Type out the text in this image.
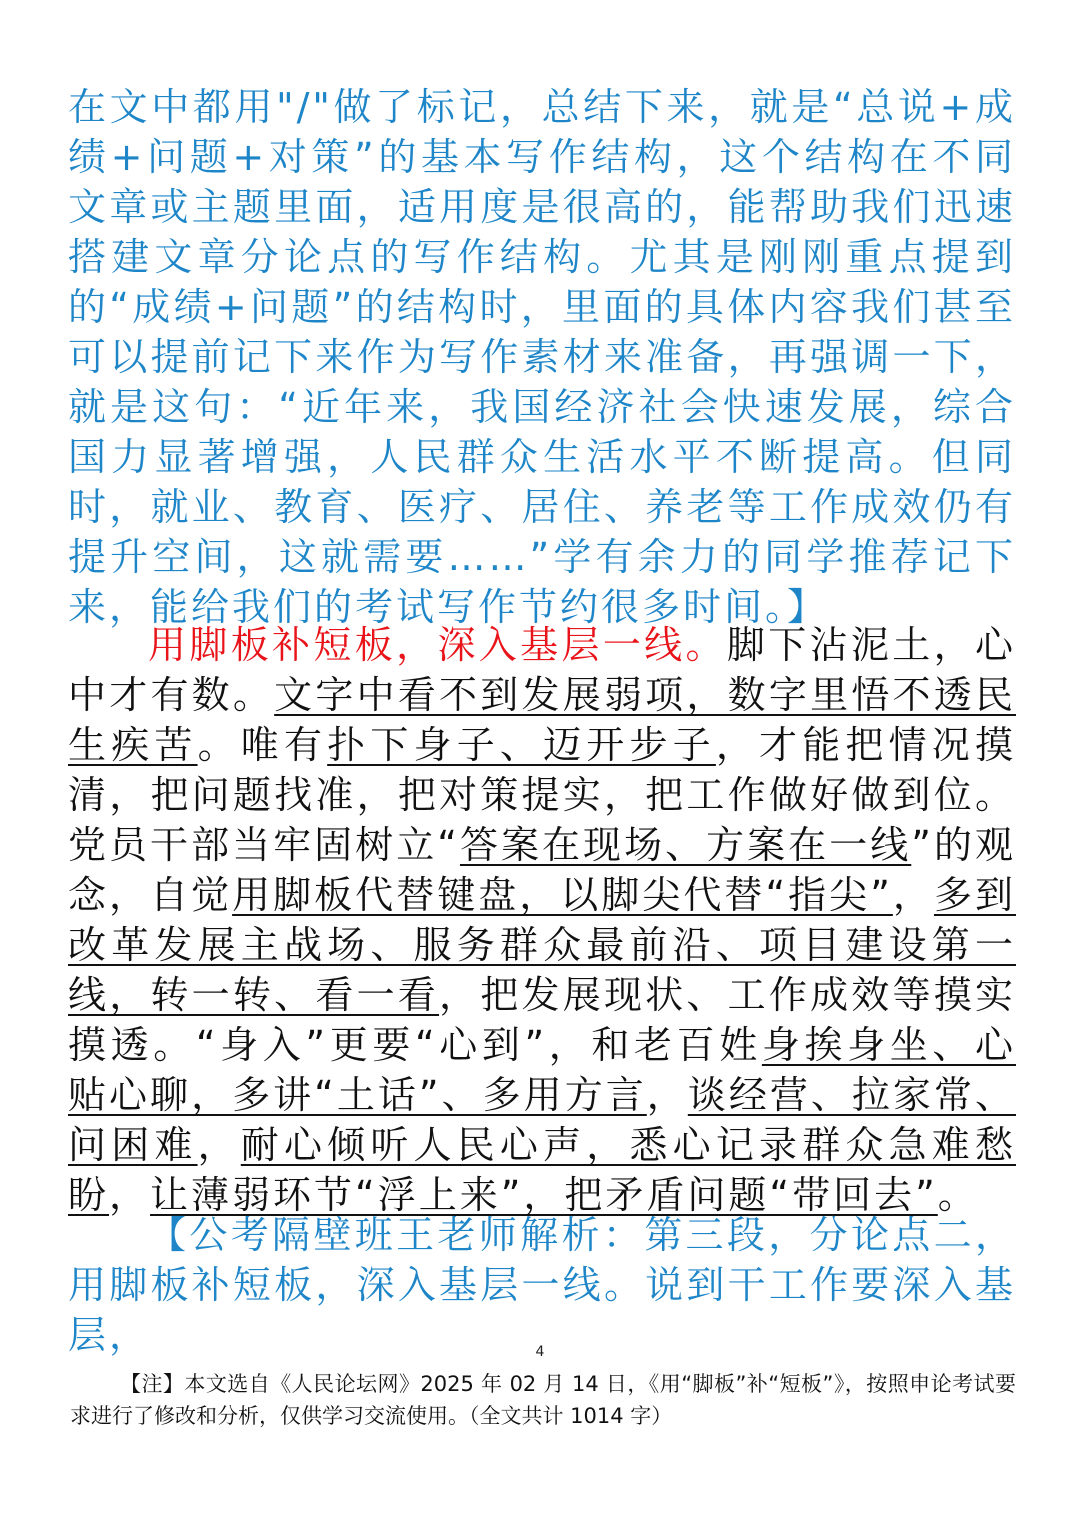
在文中都用"/"做了标记，总结下来，就是“总说+成绩+问题+对策”的基本写作结构，这个结构在不同文章或主题里面，适用度是很高的，能帮助我们迅速搭建文章分论点的写作结构。尤其是刚刚重点提到的“成绩+问题”的结构时，里面的具体内容我们甚至可以提前记下来作为写作素材来准备，再强调一下，就是这句：“近年来，我国经济社会快速发展，综合国力显著增强，人民群众生活水平不断提高。但同时，就业、教育、医疗、居住、养老等工作成效仍有提升空间，这就需要……”学有余力的同学推荐记下来，能给我们的考试写作节约很多时间。】

用脚板补短板，深入基层一线。脚下沾泥土，心中才有数。文字中看不到发展弱项，数字里悟不透民生疾苦。唯有扑下身子、迈开步子，才能把情况摸清，把问题找准，把对策提实，把工作做好做到位。党员干部当牢固树立“答案在现场、方案在一线”的观念，自觉用脚板代替键盘，以脚尖代替“指尖”，多到改革发展主战场、服务群众最前沿、项目建设第一线，转一转、看一看，把发展现状、工作成效等摸实摸透。“身入”更要“心到”，和老百姓身挨身坐、心贴心聊，多讲“土话”、多用方言，谈经营、拉家常、问困难，耐心倾听人民心声，悉心记录群众急难愁盼，让薄弱环节“浮上来”，把矛盾问题“带回去”。

【公考隔壁班王老师解析：第三段，分论点二，用脚板补短板，深入基层一线。说到干工作要深入基层，	4

【注】本文选自《人民论坛网》2025 年 02 月 14 日，《用“脚板”补“短板”》，按照申论考试要求进行了修改和分析，仅供学习交流使用。（全文共计 1014 字）
